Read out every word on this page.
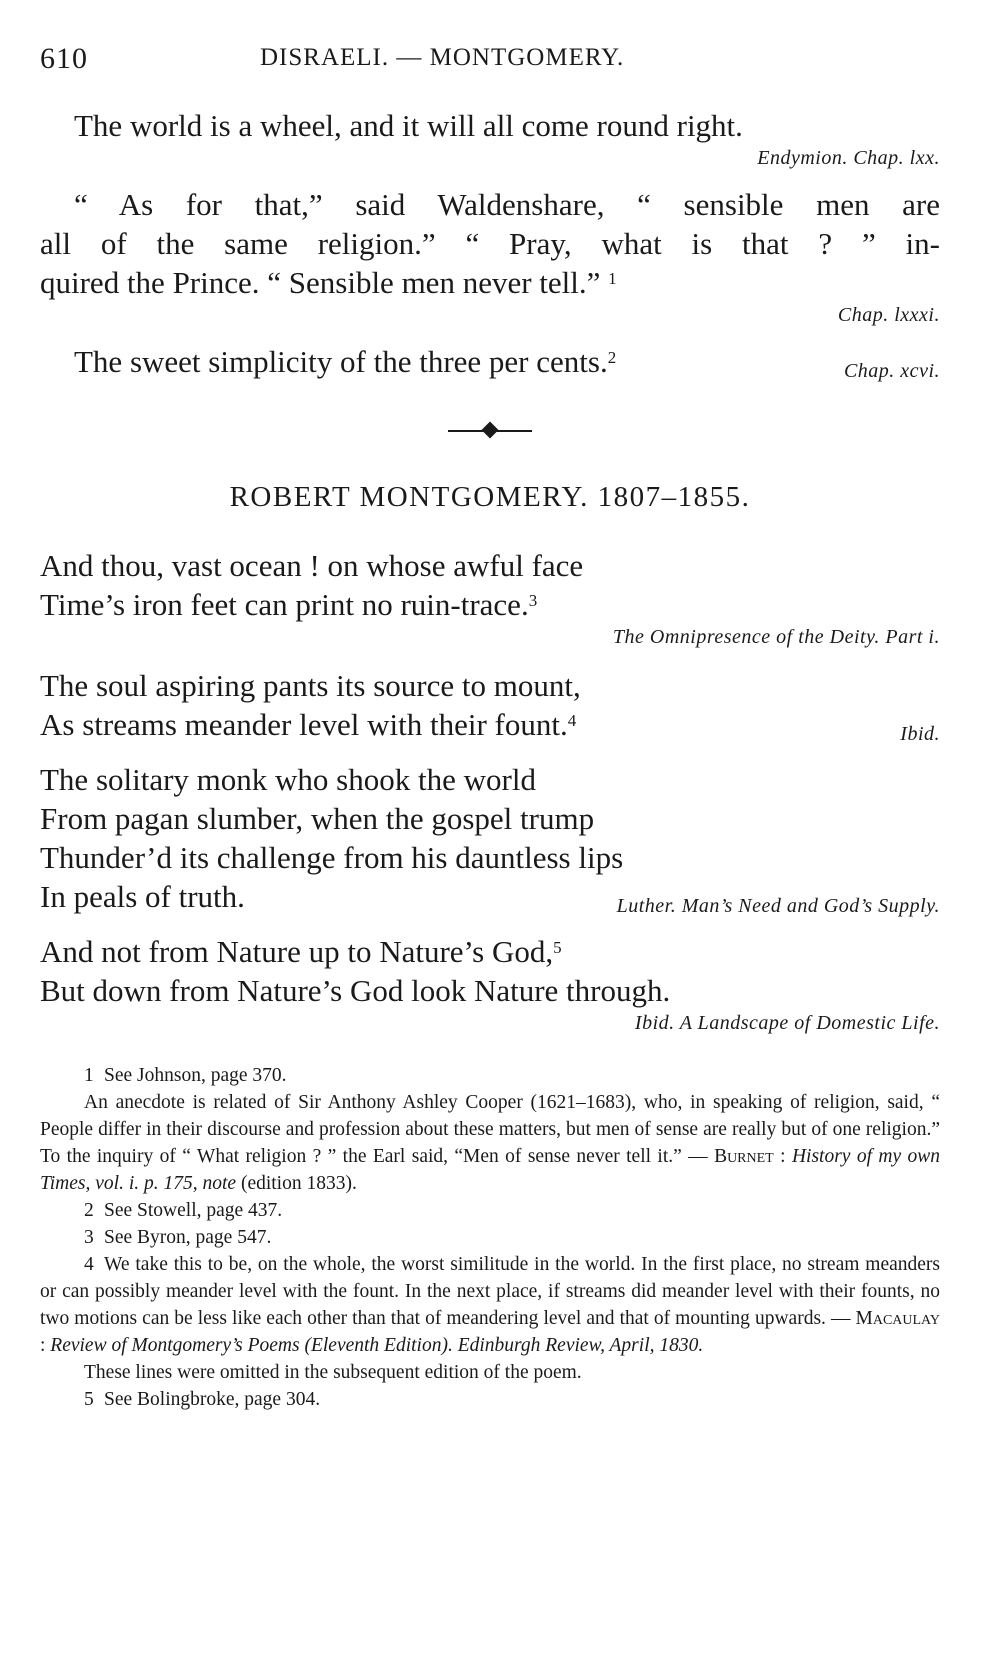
610	DISRAELI. — MONTGOMERY.
The world is a wheel, and it will all come round right.
Endymion. Chap. lxx.
“ As for that,” said Waldenshare, “ sensible men are
all of the same religion.” “ Pray, what is that ? ” in-
quired the Prince. “ Sensible men never tell.” $^1$
Chap. lxxxi.
The sweet simplicity of the three per cents.$^2$
Chap. xcvi.
ROBERT MONTGOMERY. 1807–1855.
And thou, vast ocean ! on whose awful face
Time’s iron feet can print no ruin-trace.$^3$
The Omnipresence of the Deity. Part i.
The soul aspiring pants its source to mount,
As streams meander level with their fount.$^4$
Ibid.
The solitary monk who shook the world
From pagan slumber, when the gospel trump
Thunder’d its challenge from his dauntless lips
In peals of truth.	Luther. Man’s Need and God’s Supply.
And not from Nature up to Nature’s God,$^5$
But down from Nature’s God look Nature through.
Ibid. A Landscape of Domestic Life.
1 See Johnson, page 370.
An anecdote is related of Sir Anthony Ashley Cooper (1621–1683), who, in speaking of religion, said, “ People differ in their discourse and profession about these matters, but men of sense are really but of one religion.” To the inquiry of “ What religion ? ” the Earl said, “Men of sense never tell it.” — Burnet : History of my own Times, vol. i. p. 175, note (edition 1833).
2 See Stowell, page 437.
3 See Byron, page 547.
4 We take this to be, on the whole, the worst similitude in the world. In the first place, no stream meanders or can possibly meander level with the fount. In the next place, if streams did meander level with their founts, no two motions can be less like each other than that of meandering level and that of mounting upwards. — Macaulay : Review of Montgomery’s Poems (Eleventh Edition). Edinburgh Review, April, 1830.
These lines were omitted in the subsequent edition of the poem.
5 See Bolingbroke, page 304.
